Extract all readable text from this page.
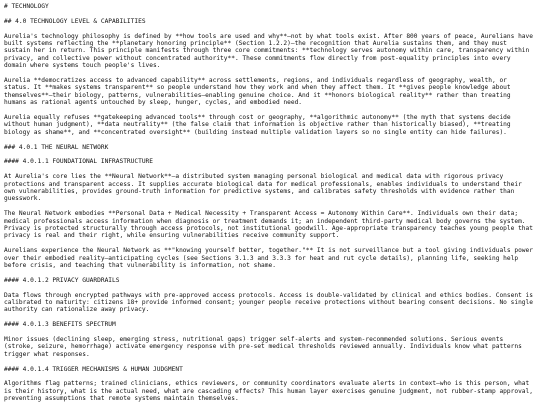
# TECHNOLOGY
## 4.0 TECHNOLOGY LEVEL & CAPABILITIES
Aurelia's technology philosophy is defined by **how tools are used and why**—not by what tools exist. After 800 years of peace, Aurelians have built systems reflecting the **planetary honoring principle** (Section 1.2.2)—the recognition that Aurelia sustains them, and they must sustain her in return. This principle manifests through three core commitments: **technology serves autonomy within care, transparency within privacy, and collective power without concentrated authority**. These commitments flow directly from post-equality principles into every domain where systems touch people's lives.
Aurelia **democratizes access to advanced capability** across settlements, regions, and individuals regardless of geography, wealth, or status. It **makes systems transparent** so people understand how they work and when they affect them. It **gives people knowledge about themselves**—their biology, patterns, vulnerabilities—enabling genuine choice. And it **honors biological reality** rather than treating humans as rational agents untouched by sleep, hunger, cycles, and embodied need.
Aurelia equally refuses **gatekeeping advanced tools** through cost or geography, **algorithmic autonomy** (the myth that systems decide without human judgment), **data neutrality** (the false claim that information is objective rather than historically biased), **treating biology as shame**, and **concentrated oversight** (building instead multiple validation layers so no single entity can hide failures).
### 4.0.1 THE NEURAL NETWORK
#### 4.0.1.1 FOUNDATIONAL INFRASTRUCTURE
At Aurelia's core lies the **Neural Network**—a distributed system managing personal biological and medical data with rigorous privacy protections and transparent access. It supplies accurate biological data for medical professionals, enables individuals to understand their own vulnerabilities, provides ground-truth information for predictive systems, and calibrates safety thresholds with evidence rather than guesswork.
The Neural Network embodies **Personal Data + Medical Necessity + Transparent Access = Autonomy Within Care**. Individuals own their data; medical professionals access information when diagnosis or treatment demands it; an independent third-party medical body governs the system. Privacy is protected structurally through access protocols, not institutional goodwill. Age-appropriate transparency teaches young people that privacy is real and their right, while ensuring vulnerabilities receive community support.
Aurelians experience the Neural Network as **"knowing yourself better, together."** It is not surveillance but a tool giving individuals power over their embodied reality—anticipating cycles (see Sections 3.1.3 and 3.3.3 for heat and rut cycle details), planning life, seeking help before crisis, and teaching that vulnerability is information, not shame.
#### 4.0.1.2 PRIVACY GUARDRAILS
Data flows through encrypted pathways with pre-approved access protocols. Access is double-validated by clinical and ethics bodies. Consent is calibrated to maturity: citizens 18+ provide informed consent; younger people receive protections without bearing consent decisions. No single authority can rationalize away privacy.
#### 4.0.1.3 BENEFITS SPECTRUM
Minor issues (declining sleep, emerging stress, nutritional gaps) trigger self-alerts and system-recommended solutions. Serious events (stroke, seizure, hemorrhage) activate emergency response with pre-set medical thresholds reviewed annually. Individuals know what patterns trigger what responses.
#### 4.0.1.4 TRIGGER MECHANISMS & HUMAN JUDGMENT
Algorithms flag patterns; trained clinicians, ethics reviewers, or community coordinators evaluate alerts in context—who is this person, what is their history, what is the actual need, what are cascading effects? This human layer exercises genuine judgment, not rubber-stamp approval, preventing assumptions that remote systems maintain themselves.
